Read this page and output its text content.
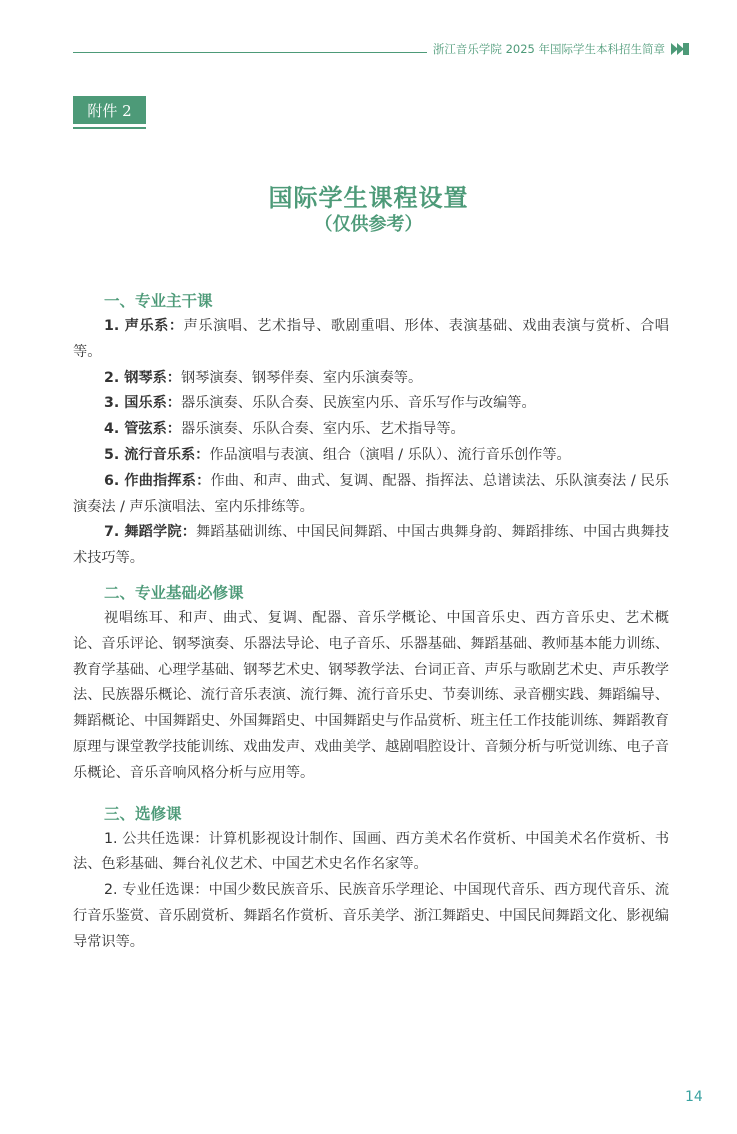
浙江音乐学院 2025 年国际学生本科招生简章
附件 2
国际学生课程设置
（仅供参考）
一、专业主干课

1. 声乐系：声乐演唱、艺术指导、歌剧重唱、形体、表演基础、戏曲表演与赏析、合唱等。

2. 钢琴系：钢琴演奏、钢琴伴奏、室内乐演奏等。

3. 国乐系：器乐演奏、乐队合奏、民族室内乐、音乐写作与改编等。

4. 管弦系：器乐演奏、乐队合奏、室内乐、艺术指导等。

5. 流行音乐系：作品演唱与表演、组合（演唱 / 乐队）、流行音乐创作等。

6. 作曲指挥系：作曲、和声、曲式、复调、配器、指挥法、总谱读法、乐队演奏法 / 民乐演奏法 / 声乐演唱法、室内乐排练等。

7. 舞蹈学院：舞蹈基础训练、中国民间舞蹈、中国古典舞身韵、舞蹈排练、中国古典舞技术技巧等。

二、专业基础必修课

视唱练耳、和声、曲式、复调、配器、音乐学概论、中国音乐史、西方音乐史、艺术概论、音乐评论、钢琴演奏、乐器法导论、电子音乐、乐器基础、舞蹈基础、教师基本能力训练、教育学基础、心理学基础、钢琴艺术史、钢琴教学法、台词正音、声乐与歌剧艺术史、声乐教学法、民族器乐概论、流行音乐表演、流行舞、流行音乐史、节奏训练、录音棚实践、舞蹈编导、舞蹈概论、中国舞蹈史、外国舞蹈史、中国舞蹈史与作品赏析、班主任工作技能训练、舞蹈教育原理与课堂教学技能训练、戏曲发声、戏曲美学、越剧唱腔设计、音频分析与听觉训练、电子音乐概论、音乐音响风格分析与应用等。

三、选修课

1. 公共任选课：计算机影视设计制作、国画、西方美术名作赏析、中国美术名作赏析、书法、色彩基础、舞台礼仪艺术、中国艺术史名作名家等。

2. 专业任选课：中国少数民族音乐、民族音乐学理论、中国现代音乐、西方现代音乐、流行音乐鉴赏、音乐剧赏析、舞蹈名作赏析、音乐美学、浙江舞蹈史、中国民间舞蹈文化、影视编导常识等。

14
